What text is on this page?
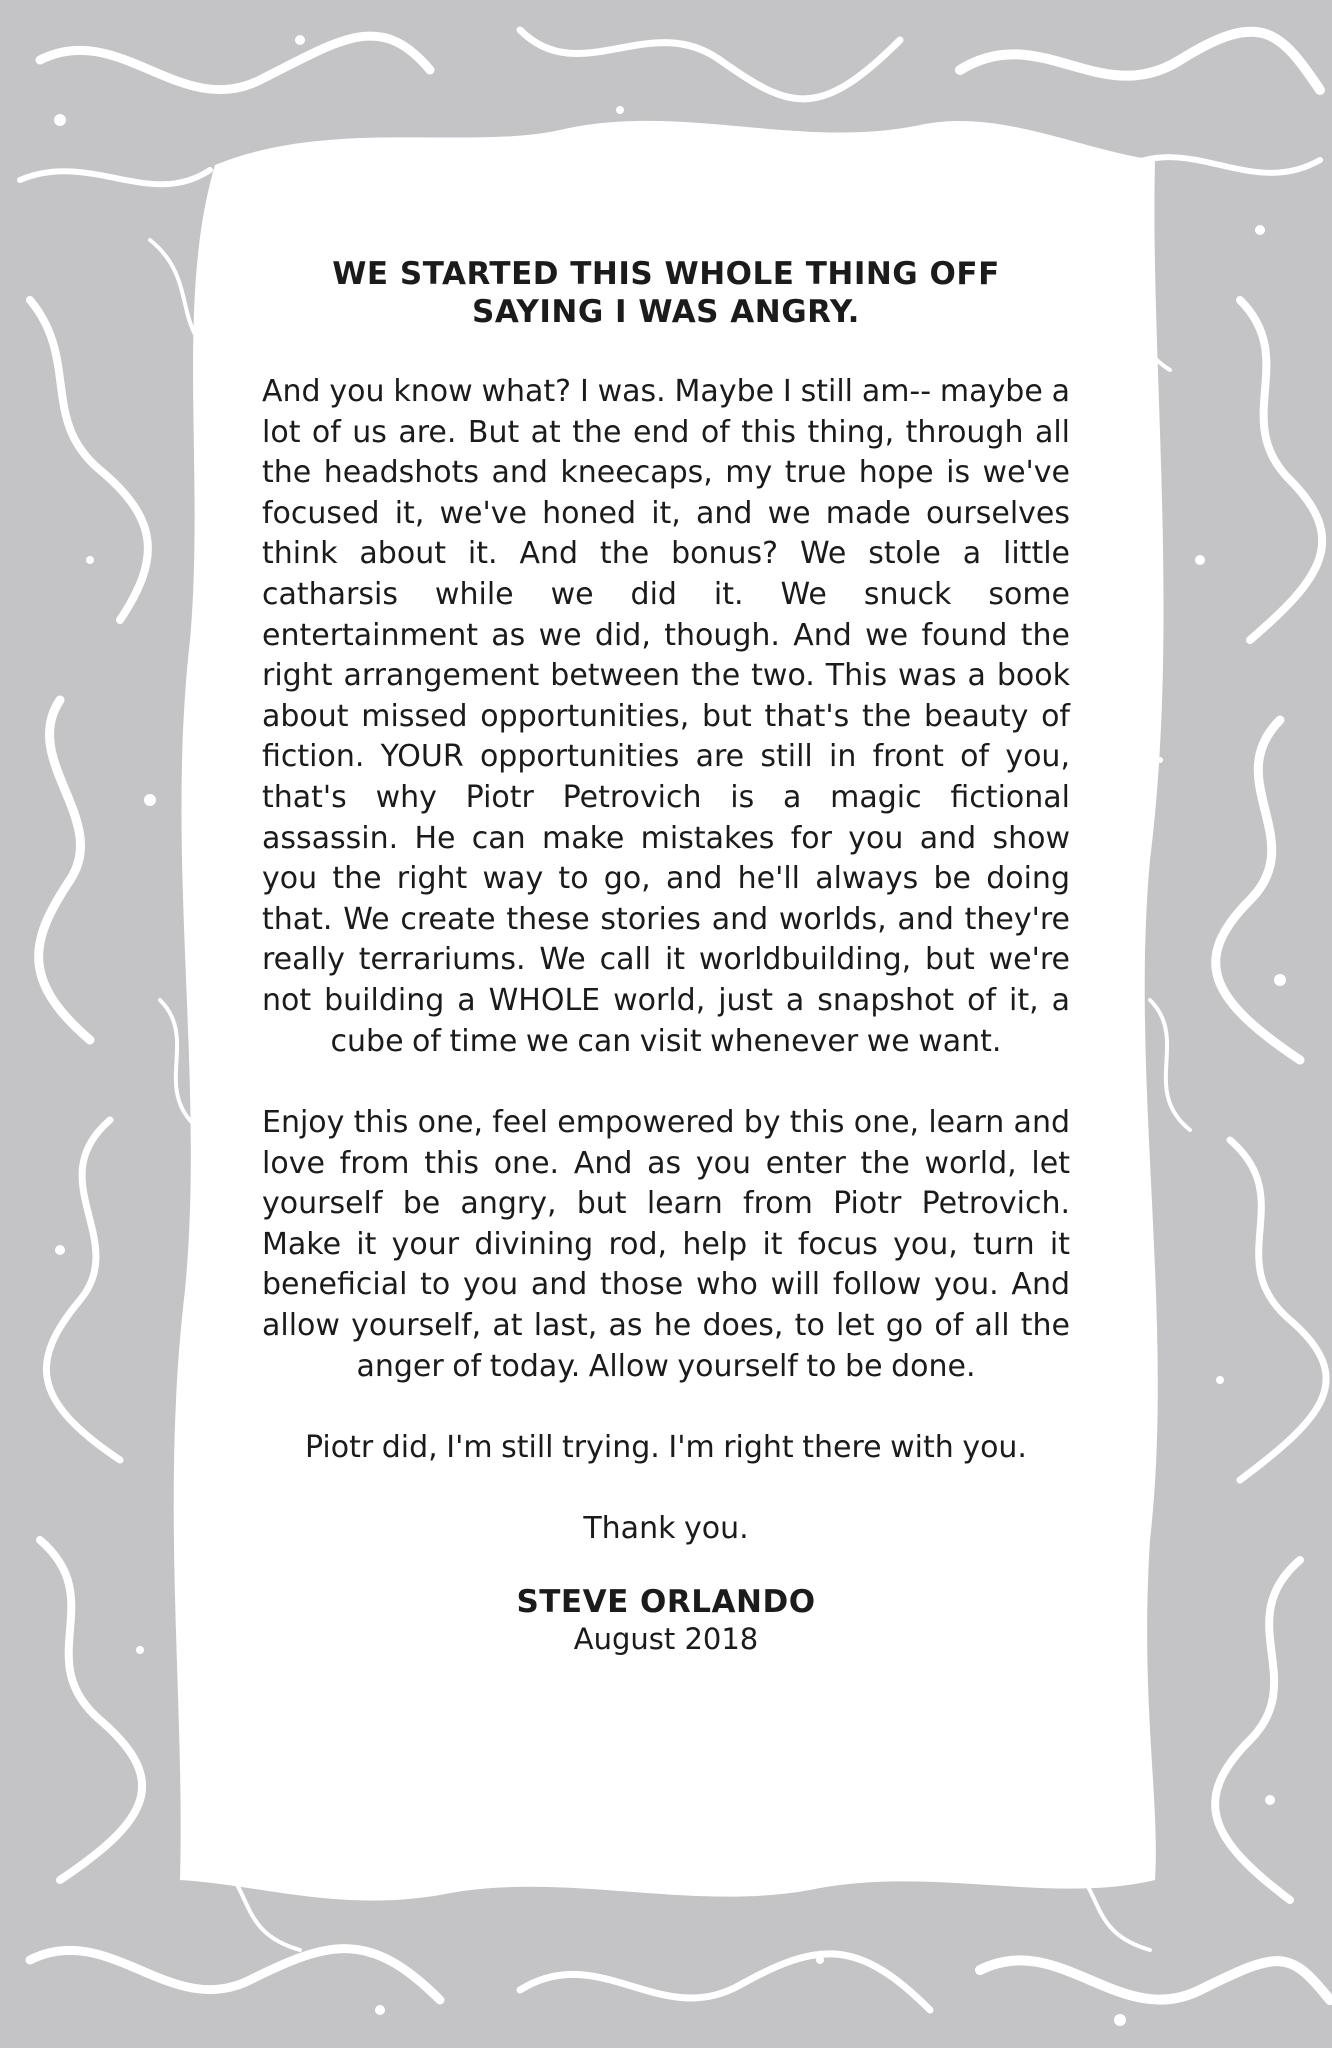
WE STARTED THIS WHOLE THING OFF
SAYING I WAS ANGRY.

And you know what? I was. Maybe I still am-- maybe a lot of us are. But at the end of this thing, through all the headshots and kneecaps, my true hope is we've focused it, we've honed it, and we made ourselves think about it. And the bonus? We stole a little catharsis while we did it. We snuck some entertainment as we did, though. And we found the right arrangement between the two. This was a book about missed opportunities, but that's the beauty of fiction. YOUR opportunities are still in front of you, that's why Piotr Petrovich is a magic fictional assassin. He can make mistakes for you and show you the right way to go, and he'll always be doing that. We create these stories and worlds, and they're really terrariums. We call it worldbuilding, but we're not building a WHOLE world, just a snapshot of it, a cube of time we can visit whenever we want.

Enjoy this one, feel empowered by this one, learn and love from this one. And as you enter the world, let yourself be angry, but learn from Piotr Petrovich. Make it your divining rod, help it focus you, turn it beneficial to you and those who will follow you. And allow yourself, at last, as he does, to let go of all the anger of today. Allow yourself to be done.

Piotr did, I'm still trying. I'm right there with you.

Thank you.

STEVE ORLANDO

August 2018
